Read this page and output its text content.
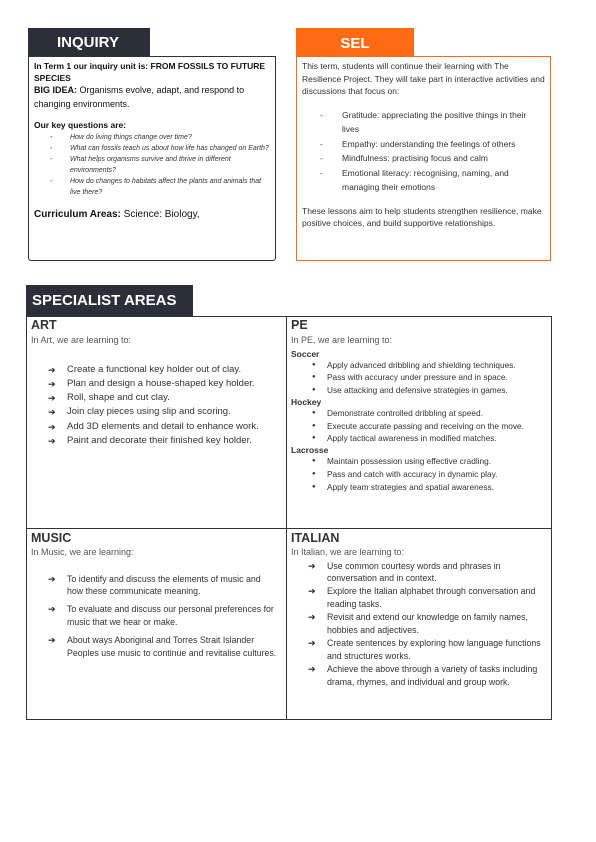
INQUIRY
In Term 1 our inquiry unit is: FROM FOSSILS TO FUTURE SPECIES
BIG IDEA: Organisms evolve, adapt, and respond to changing environments.
Our key questions are:
- How do living things change over time?
- What can fossils teach us about how life has changed on Earth?
- What helps organisms survive and thrive in different environments?
- How do changes to habitats affect the plants and animals that live there?
Curriculum Areas: Science: Biology,
SEL
This term, students will continue their learning with The Resilience Project. They will take part in interactive activities and discussions that focus on:
- Gratitude: appreciating the positive things in their lives
- Empathy: understanding the feelings of others
- Mindfulness: practising focus and calm
- Emotional literacy: recognising, naming, and managing their emotions
These lessons aim to help students strengthen resilience, make positive choices, and build supportive relationships.
SPECIALIST AREAS
ART
In Art, we are learning to:
➔ Create a functional key holder out of clay.
➔ Plan and design a house-shaped key holder.
➔ Roll, shape and cut clay.
➔ Join clay pieces using slip and scoring.
➔ Add 3D elements and detail to enhance work.
➔ Paint and decorate their finished key holder.
PE
In PE, we are learning to:
Soccer
● Apply advanced dribbling and shielding techniques.
● Pass with accuracy under pressure and in space.
● Use attacking and defensive strategies in games.
Hockey
● Demonstrate controlled dribbling at speed.
● Execute accurate passing and receiving on the move.
● Apply tactical awareness in modified matches.
Lacrosse
● Maintain possession using effective cradling.
● Pass and catch with accuracy in dynamic play.
● Apply team strategies and spatial awareness.
MUSIC
In Music, we are learning:
➔ To identify and discuss the elements of music and how these communicate meaning.
➔ To evaluate and discuss our personal preferences for music that we hear or make.
➔ About ways Aboriginal and Torres Strait Islander Peoples use music to continue and revitalise cultures.
ITALIAN
In Italian, we are learning to:
➔ Use common courtesy words and phrases in conversation and in context.
➔ Explore the Italian alphabet through conversation and reading tasks.
➔ Revisit and extend our knowledge on family names, hobbies and adjectives.
➔ Create sentences by exploring how language functions and structures works.
➔ Achieve the above through a variety of tasks including drama, rhymes, and individual and group work.
